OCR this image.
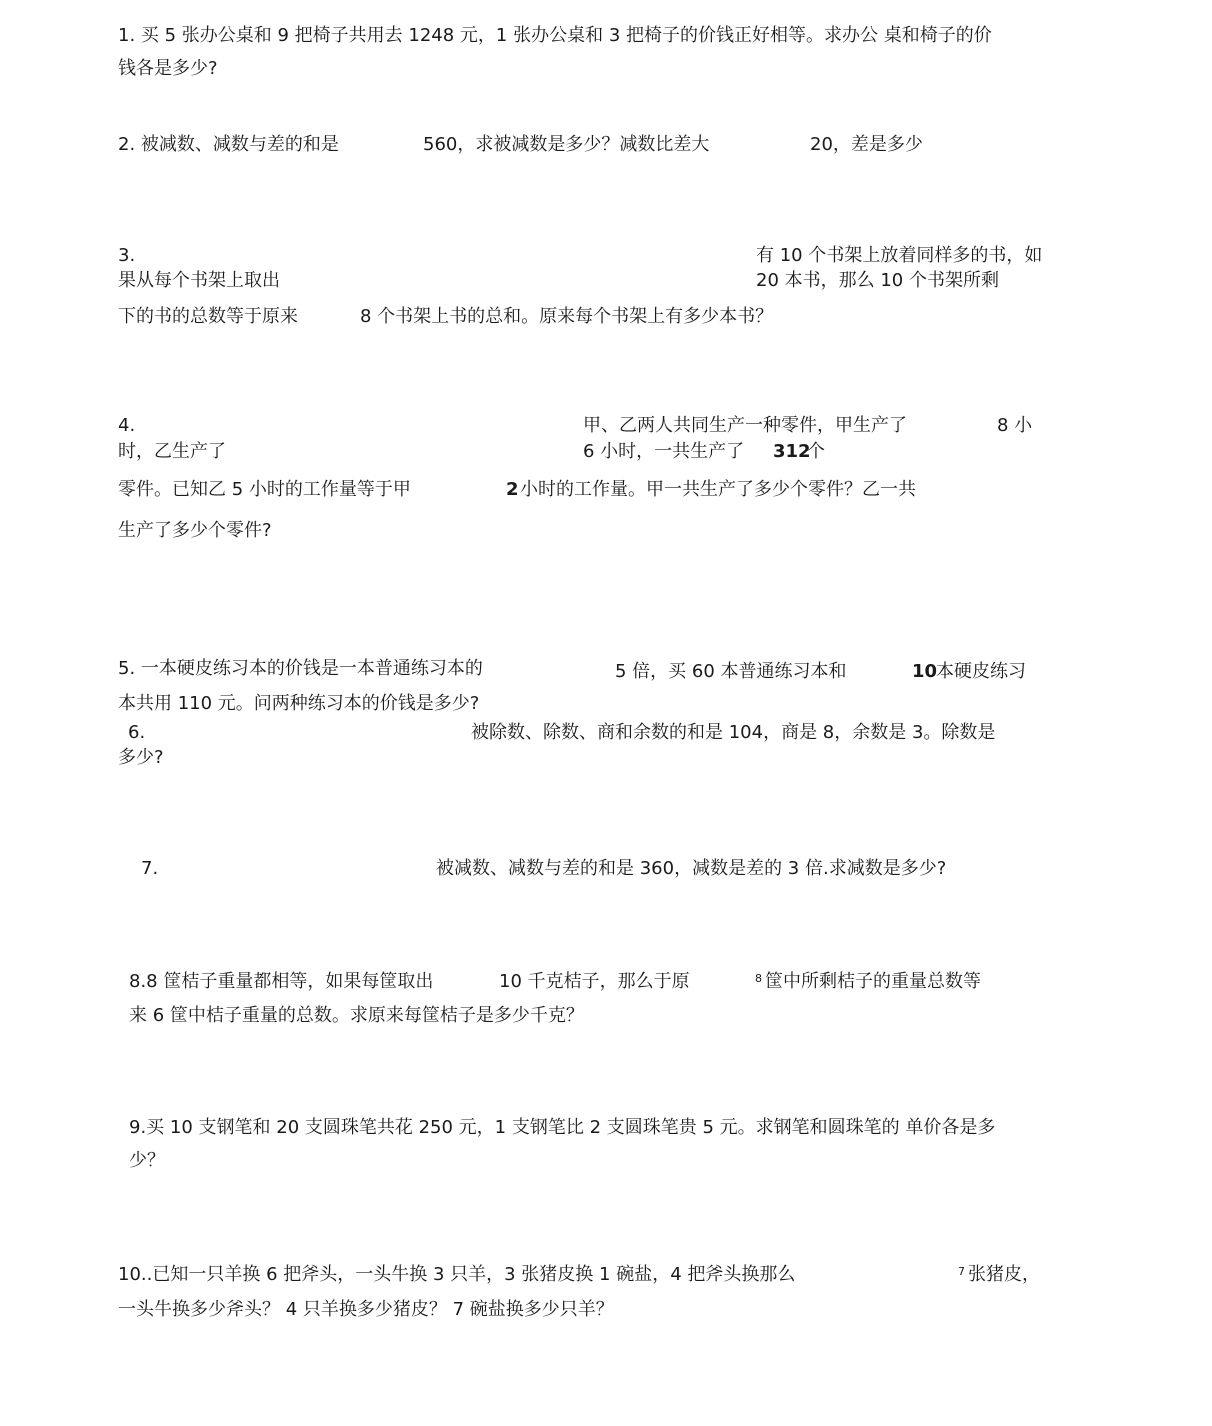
1. 买 5 张办公桌和 9 把椅子共用去 1248 元，1 张办公桌和 3 把椅子的价钱正好相等。求办公 桌和椅子的价
钱各是多少?
2. 被减数、减数与差的和是	560，求被减数是多少？减数比差大	20，差是多少
3.	有 10 个书架上放着同样多的书，如
果从每个书架上取出	20 本书，那么 10 个书架所剩
下的书的总数等于原来	8 个书架上书的总和。原来每个书架上有多少本书？
4.	甲、乙两人共同生产一种零件，甲生产了	8 小
时，乙生产了	6 小时，一共生产了 312
个
零件。已知乙 5 小时的工作量等于甲	2 小时的工作量。甲一共生产了多少个零件？乙一共
生产了多少个零件?
5. 一本硬皮练习本的价钱是一本普通练习本的	5 倍，买 60 本普通练习本和	10
本硬皮练习
本共用 110 元。问两种练习本的价钱是多少?
6.	被除数、除数、商和余数的和是 104，商是 8，余数是 3。除数是
多少?
7.	被减数、减数与差的和是 360，减数是差的 3 倍.求减数是多少?
8.8 筐桔子重量都相等，如果每筐取出	10 千克桔子，那么于原	8 筐中所剩桔子的重量总数等
来 6 筐中桔子重量的总数。求原来每筐桔子是多少千克？
9.买 10 支钢笔和 20 支圆珠笔共花 250 元，1 支钢笔比 2 支圆珠笔贵 5 元。求钢笔和圆珠笔的 单价各是多
少？
10..已知一只羊换 6 把斧头，一头牛换 3 只羊，3 张猪皮换 1 碗盐，4 把斧头换那么	7 张猪皮，
一头牛换多少斧头？ 4 只羊换多少猪皮？ 7 碗盐换多少只羊？
